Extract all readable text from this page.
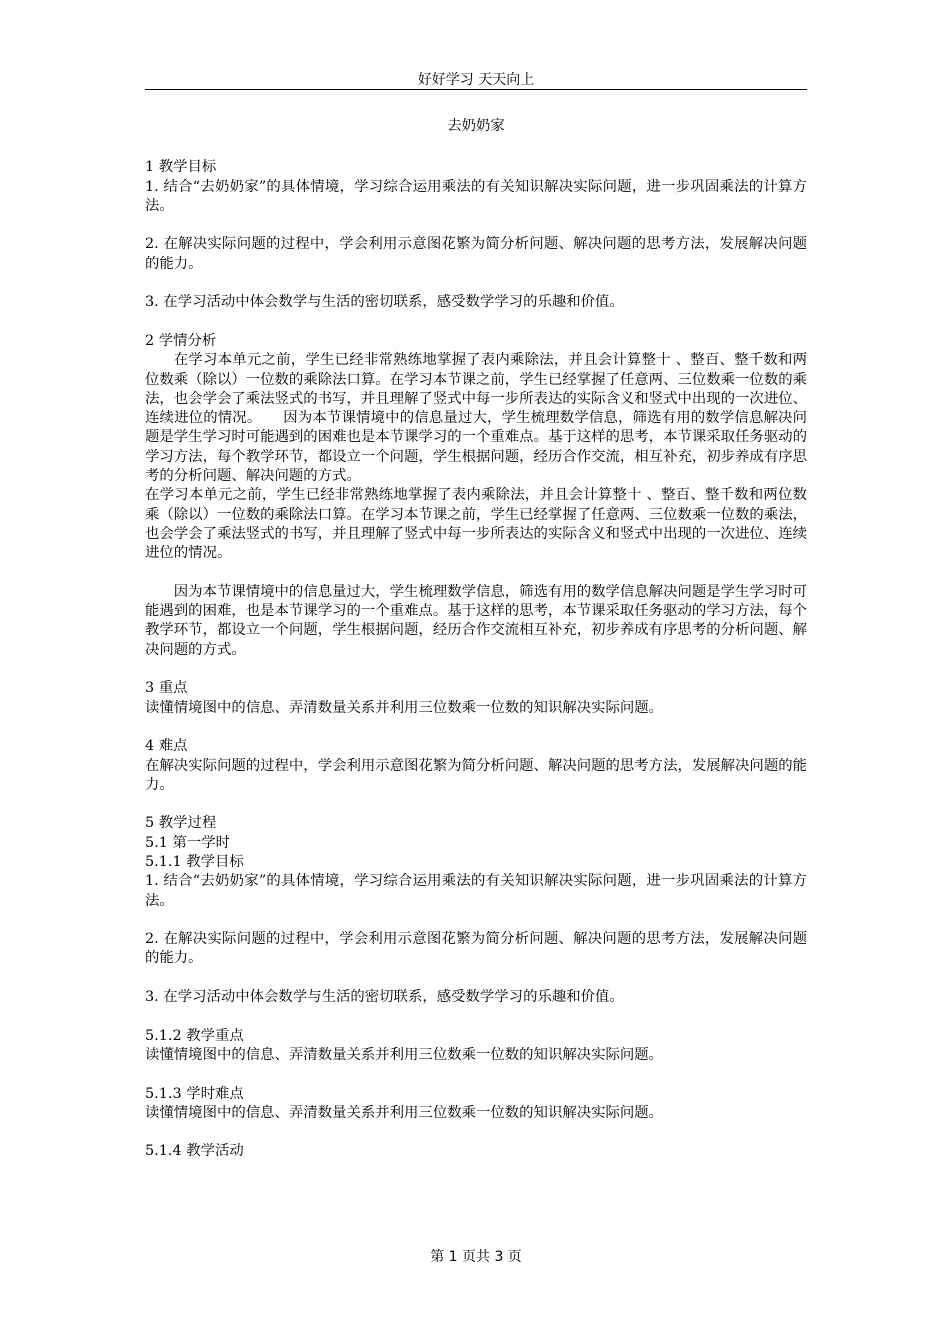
好好学习 天天向上
去奶奶家

1 教学目标

1. 结合“去奶奶家”的具体情境，学习综合运用乘法的有关知识解决实际问题，进一步巩固乘法的计算方法。

2. 在解决实际问题的过程中，学会利用示意图花繁为简分析问题、解决问题的思考方法，发展解决问题的能力。

3. 在学习活动中体会数学与生活的密切联系，感受数学学习的乐趣和价值。

2 学情分析

在学习本单元之前，学生已经非常熟练地掌握了表内乘除法，并且会计算整十 、整百、整千数和两位数乘（除以）一位数的乘除法口算。在学习本节课之前，学生已经掌握了任意两、三位数乘一位数的乘法，也会学会了乘法竖式的书写，并且理解了竖式中每一步所表达的实际含义和竖式中出现的一次进位、连续进位的情况。　　因为本节课情境中的信息量过大，学生梳理数学信息，筛选有用的数学信息解决问题是学生学习时可能遇到的困难也是本节课学习的一个重难点。基于这样的思考，本节课采取任务驱动的学习方法，每个教学环节，都设立一个问题，学生根据问题，经历合作交流，相互补充，初步养成有序思考的分析问题、解决问题的方式。

在学习本单元之前，学生已经非常熟练地掌握了表内乘除法，并且会计算整十 、整百、整千数和两位数乘（除以）一位数的乘除法口算。在学习本节课之前，学生已经掌握了任意两、三位数乘一位数的乘法，也会学会了乘法竖式的书写，并且理解了竖式中每一步所表达的实际含义和竖式中出现的一次进位、连续进位的情况。

因为本节课情境中的信息量过大，学生梳理数学信息，筛选有用的数学信息解决问题是学生学习时可能遇到的困难，也是本节课学习的一个重难点。基于这样的思考，本节课采取任务驱动的学习方法，每个教学环节，都设立一个问题，学生根据问题，经历合作交流相互补充，初步养成有序思考的分析问题、解决问题的方式。

3 重点

读懂情境图中的信息、弄清数量关系并利用三位数乘一位数的知识解决实际问题。

4 难点

在解决实际问题的过程中，学会利用示意图花繁为简分析问题、解决问题的思考方法，发展解决问题的能力。

5 教学过程

5.1 第一学时

5.1.1 教学目标

1. 结合“去奶奶家”的具体情境，学习综合运用乘法的有关知识解决实际问题，进一步巩固乘法的计算方法。

2. 在解决实际问题的过程中，学会利用示意图花繁为简分析问题、解决问题的思考方法，发展解决问题的能力。

3. 在学习活动中体会数学与生活的密切联系，感受数学学习的乐趣和价值。

5.1.2 教学重点

读懂情境图中的信息、弄清数量关系并利用三位数乘一位数的知识解决实际问题。

5.1.3 学时难点

读懂情境图中的信息、弄清数量关系并利用三位数乘一位数的知识解决实际问题。

5.1.4 教学活动

第 1 页共 3 页
